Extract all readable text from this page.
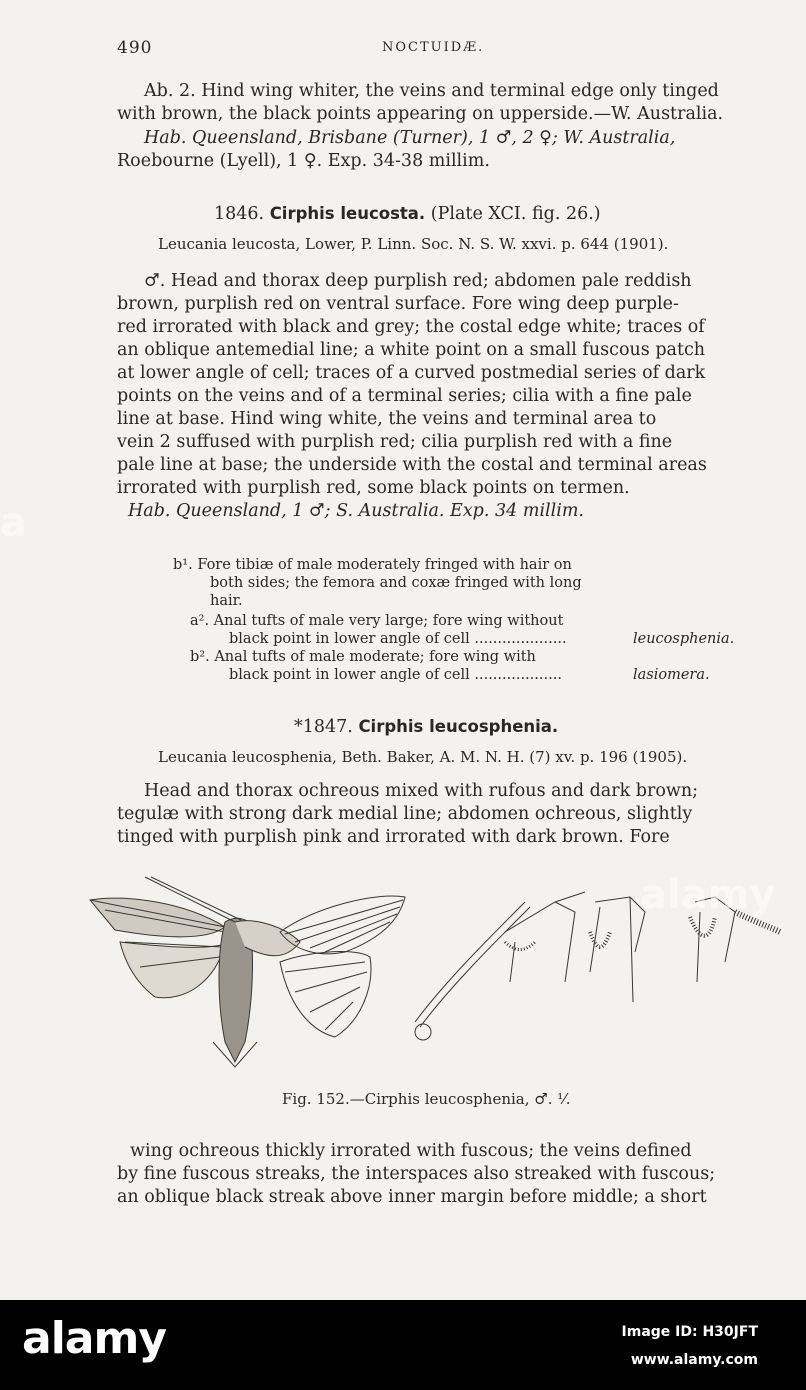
490	NOCTUIDÆ.
Ab. 2. Hind wing whiter, the veins and terminal edge only tinged
with brown, the black points appearing on upperside.—W. Australia.
Hab. Queensland, Brisbane (Turner), 1 ♂, 2 ♀; W. Australia,
Roebourne (Lyell), 1 ♀. Exp. 34-38 millim.
1846. Cirphis leucosta. (Plate XCI. fig. 26.)
Leucania leucosta, Lower, P. Linn. Soc. N. S. W. xxvi. p. 644 (1901).
♂. Head and thorax deep purplish red; abdomen pale reddish
brown, purplish red on ventral surface. Fore wing deep purple-
red irrorated with black and grey; the costal edge white; traces of
an oblique antemedial line; a white point on a small fuscous patch
at lower angle of cell; traces of a curved postmedial series of dark
points on the veins and of a terminal series; cilia with a fine pale
line at base. Hind wing white, the veins and terminal area to
vein 2 suffused with purplish red; cilia purplish red with a fine
pale line at base; the underside with the costal and terminal areas
irrorated with purplish red, some black points on termen.
Hab. Queensland, 1 ♂; S. Australia. Exp. 34 millim.
b¹. Fore tibiæ of male moderately fringed with hair on
both sides; the femora and coxæ fringed with long
hair.
a². Anal tufts of male very large; fore wing without
black point in lower angle of cell ....................	leucosphenia.
b². Anal tufts of male moderate; fore wing with
black point in lower angle of cell ...................	lasiomera.
*1847. Cirphis leucosphenia.
Leucania leucosphenia, Beth. Baker, A. M. N. H. (7) xv. p. 196 (1905).
Head and thorax ochreous mixed with rufous and dark brown;
tegulæ with strong dark medial line; abdomen ochreous, slightly
tinged with purplish pink and irrorated with dark brown. Fore
Fig. 152.—Cirphis leucosphenia, ♂. ⅟.
wing ochreous thickly irrorated with fuscous; the veins defined
by fine fuscous streaks, the interspaces also streaked with fuscous;
an oblique black streak above inner margin before middle; a short
a
alamy
alamy	Image ID: H30JFT
www.alamy.com
